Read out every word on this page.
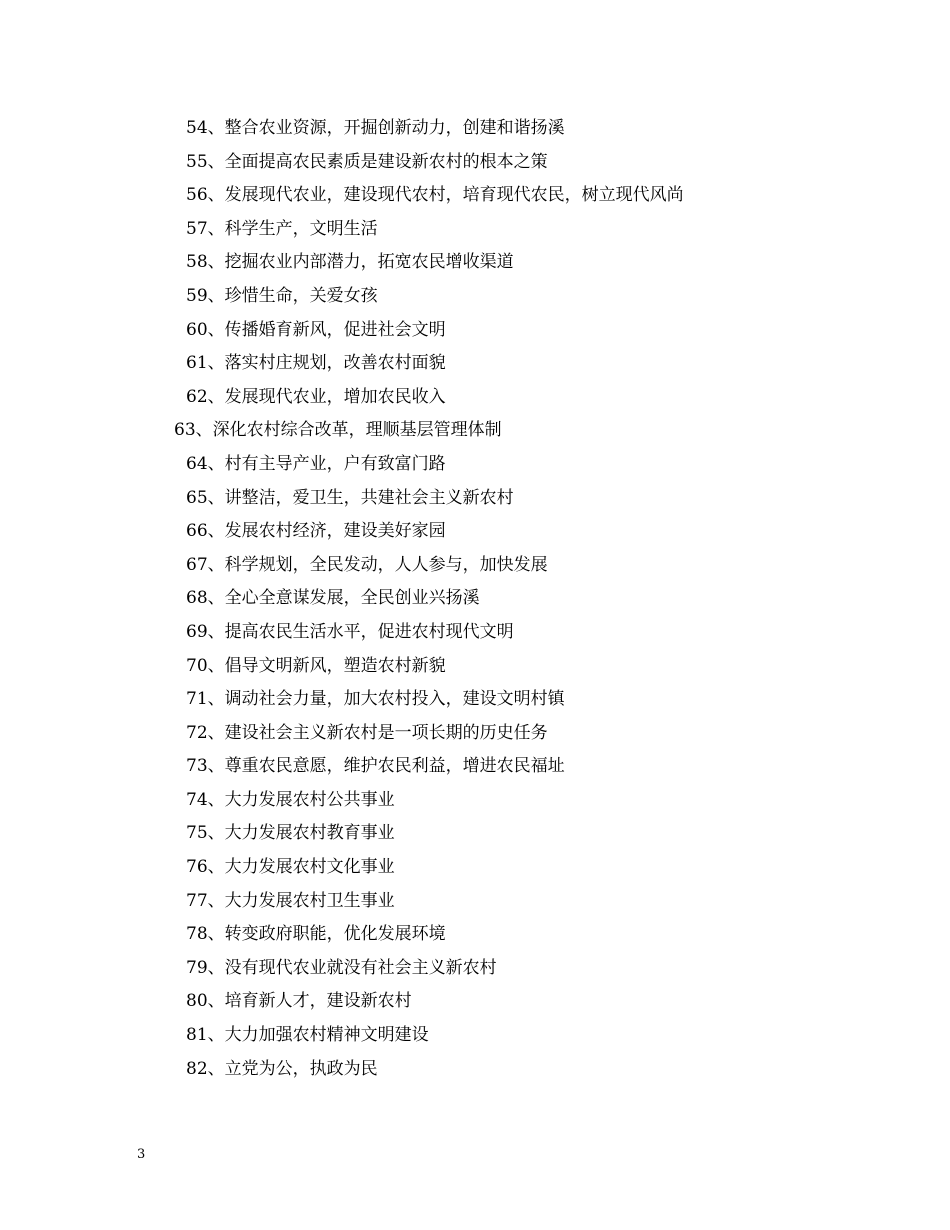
54、整合农业资源，开掘创新动力，创建和谐扬溪
55、全面提高农民素质是建设新农村的根本之策
56、发展现代农业，建设现代农村，培育现代农民，树立现代风尚
57、科学生产，文明生活
58、挖掘农业内部潜力，拓宽农民增收渠道
59、珍惜生命，关爱女孩
60、传播婚育新风，促进社会文明
61、落实村庄规划，改善农村面貌
62、发展现代农业，增加农民收入
63、深化农村综合改革，理顺基层管理体制
64、村有主导产业，户有致富门路
65、讲整洁，爱卫生，共建社会主义新农村
66、发展农村经济，建设美好家园
67、科学规划，全民发动，人人参与，加快发展
68、全心全意谋发展，全民创业兴扬溪
69、提高农民生活水平，促进农村现代文明
70、倡导文明新风，塑造农村新貌
71、调动社会力量，加大农村投入，建设文明村镇
72、建设社会主义新农村是一项长期的历史任务
73、尊重农民意愿，维护农民利益，增进农民福址
74、大力发展农村公共事业
75、大力发展农村教育事业
76、大力发展农村文化事业
77、大力发展农村卫生事业
78、转变政府职能，优化发展环境
79、没有现代农业就没有社会主义新农村
80、培育新人才，建设新农村
81、大力加强农村精神文明建设
82、立党为公，执政为民
3
